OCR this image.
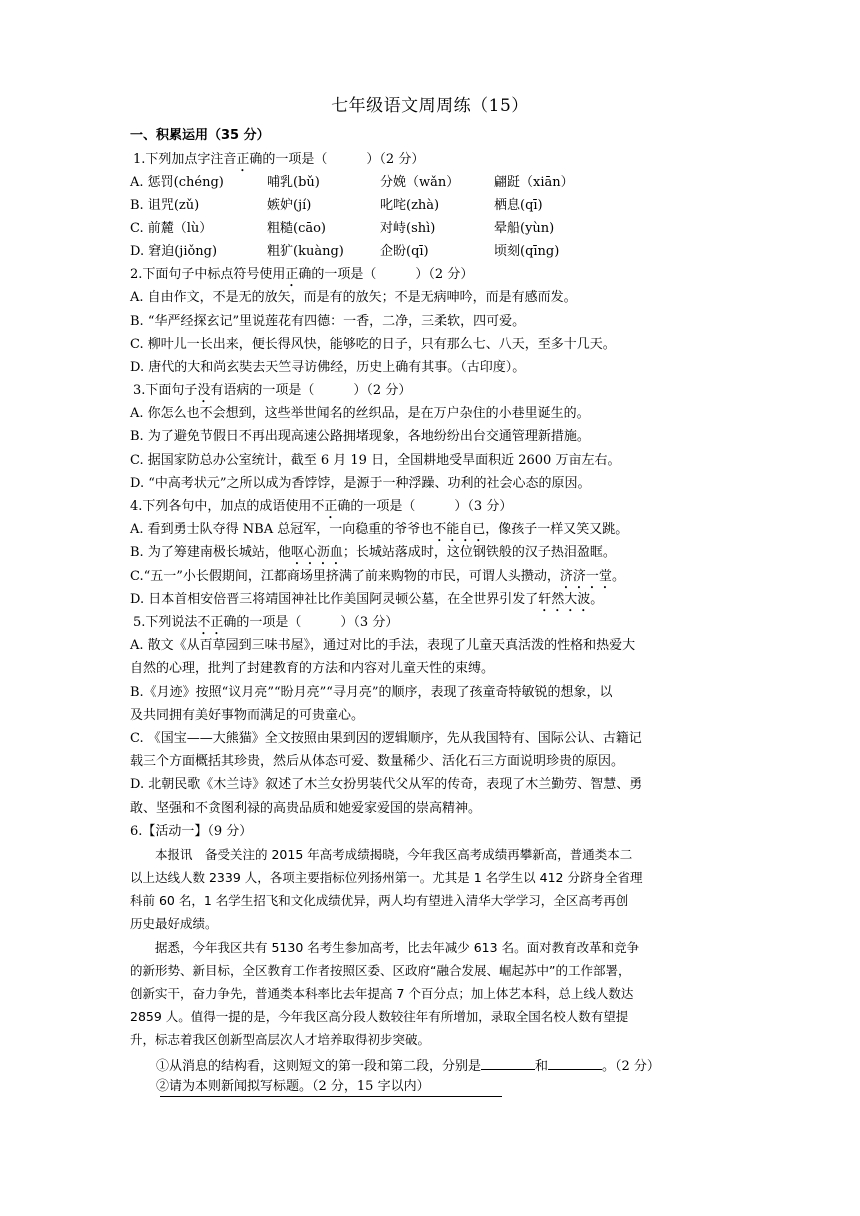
七年级语文周周练（15）
一、积累运用（35 分）
1.下列加点字注音正确的一项是（　　　）（2 分）
A. 惩罚(chéng)	哺乳(bǔ)	分娩（wǎn）	翩跹（xiān）
B. 诅咒(zǔ)	嫉妒(jí)	叱咤(zhà)	栖息(qī)
C. 前麓（lù）	粗糙(cāo)	对峙(shì)	晕船(yùn)
D. 窘迫(jiǒng)	粗犷(kuàng)	企盼(qī)	顷刻(qīng)
2.下面句子中标点符号使用正确的一项是（　　　）（2 分）
A. 自由作文，不是无的放矢，而是有的放矢；不是无病呻吟，而是有感而发。
B. “华严经探玄记”里说莲花有四德：一香，二净，三柔软，四可爱。
C. 柳叶儿一长出来，便长得风快，能够吃的日子，只有那么七、八天，至多十几天。
D. 唐代的大和尚玄奘去天竺寻访佛经，历史上确有其事。（古印度）。
3.下面句子没有语病的一项是（　　　）（2 分）
A. 你怎么也不会想到，这些举世闻名的丝织品，是在万户杂住的小巷里诞生的。
B. 为了避免节假日不再出现高速公路拥堵现象，各地纷纷出台交通管理新措施。
C. 据国家防总办公室统计，截至 6 月 19 日，全国耕地受旱面积近 2600 万亩左右。
D. “中高考状元”之所以成为香饽饽，是源于一种浮躁、功利的社会心态的原因。
4.下列各句中，加点的成语使用不正确的一项是（　　　）（3 分）
A. 看到勇士队夺得 NBA 总冠军，一向稳重的爷爷也不能自已，像孩子一样又笑又跳。
B. 为了筹建南极长城站，他呕心沥血；长城站落成时，这位钢铁般的汉子热泪盈眶。
C.“五一”小长假期间，江都商场里挤满了前来购物的市民，可谓人头攒动，济济一堂。
D. 日本首相安倍晋三将靖国神社比作美国阿灵顿公墓，在全世界引发了轩然大波。
5.下列说法不正确的一项是（　　　）（3 分）
A. 散文《从百草园到三味书屋》，通过对比的手法，表现了儿童天真活泼的性格和热爱大
自然的心理，批判了封建教育的方法和内容对儿童天性的束缚。
B.《月迹》按照“议月亮”“盼月亮”“寻月亮”的顺序，表现了孩童奇特敏锐的想象，以
及共同拥有美好事物而满足的可贵童心。
C. 《国宝——大熊猫》全文按照由果到因的逻辑顺序，先从我国特有、国际公认、古籍记
载三个方面概括其珍贵，然后从体态可爱、数量稀少、活化石三方面说明珍贵的原因。
D. 北朝民歌《木兰诗》叙述了木兰女扮男装代父从军的传奇，表现了木兰勤劳、智慧、勇
敢、坚强和不贪图利禄的高贵品质和她爱家爱国的崇高精神。
6.【活动一】（9 分）
　　本报讯　备受关注的 2015 年高考成绩揭晓，今年我区高考成绩再攀新高，普通类本二
以上达线人数 2339 人，各项主要指标位列扬州第一。尤其是 1 名学生以 412 分跻身全省理
科前 60 名，1 名学生招飞和文化成绩优异，两人均有望进入清华大学学习，全区高考再创
历史最好成绩。
　　据悉，今年我区共有 5130 名考生参加高考，比去年减少 613 名。面对教育改革和竞争
的新形势、新目标，全区教育工作者按照区委、区政府“融合发展、崛起苏中”的工作部署，
创新实干，奋力争先，普通类本科率比去年提高 7 个百分点；加上体艺本科，总上线人数达
2859 人。值得一提的是，今年我区高分段人数较往年有所增加，录取全国名校人数有望提
升，标志着我区创新型高层次人才培养取得初步突破。
　　①从消息的结构看，这则短文的第一段和第二段，分别是	和	。（2 分）
　　②请为本则新闻拟写标题。（2 分，15 字以内）
